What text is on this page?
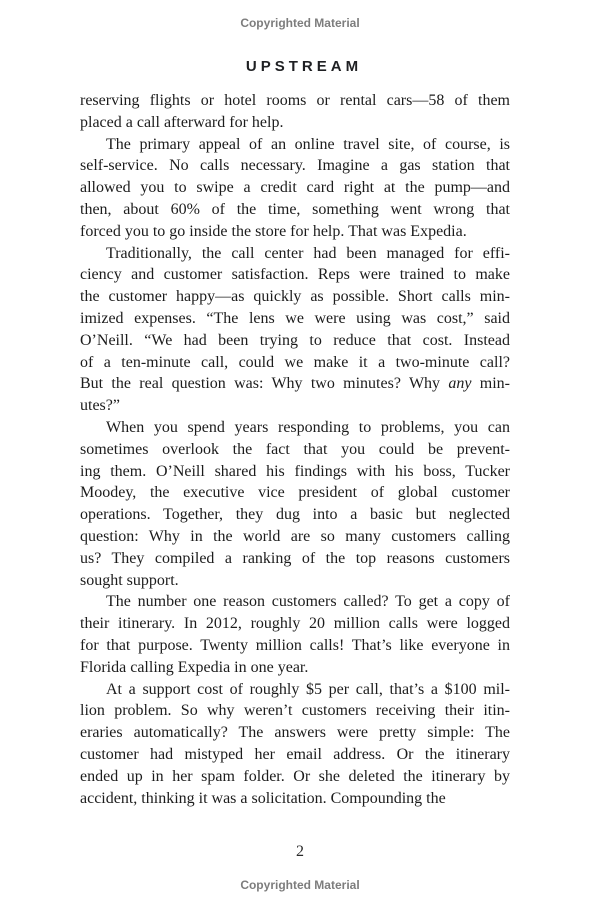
Copyrighted Material
UPSTREAM
reserving flights or hotel rooms or rental cars—58 of them
placed a call afterward for help.
The primary appeal of an online travel site, of course, is
self-service. No calls necessary. Imagine a gas station that
allowed you to swipe a credit card right at the pump—and
then, about 60% of the time, something went wrong that
forced you to go inside the store for help. That was Expedia.
Traditionally, the call center had been managed for effi-
ciency and customer satisfaction. Reps were trained to make
the customer happy—as quickly as possible. Short calls min-
imized expenses. “The lens we were using was cost,” said
O’Neill. “We had been trying to reduce that cost. Instead
of a ten-minute call, could we make it a two-minute call?
But the real question was: Why two minutes? Why any min-
utes?”
When you spend years responding to problems, you can
sometimes overlook the fact that you could be prevent-
ing them. O’Neill shared his findings with his boss, Tucker
Moodey, the executive vice president of global customer
operations. Together, they dug into a basic but neglected
question: Why in the world are so many customers calling
us? They compiled a ranking of the top reasons customers
sought support.
The number one reason customers called? To get a copy of
their itinerary. In 2012, roughly 20 million calls were logged
for that purpose. Twenty million calls! That’s like everyone in
Florida calling Expedia in one year.
At a support cost of roughly $5 per call, that’s a $100 mil-
lion problem. So why weren’t customers receiving their itin-
eraries automatically? The answers were pretty simple: The
customer had mistyped her email address. Or the itinerary
ended up in her spam folder. Or she deleted the itinerary by
accident, thinking it was a solicitation. Compounding the
2
Copyrighted Material
